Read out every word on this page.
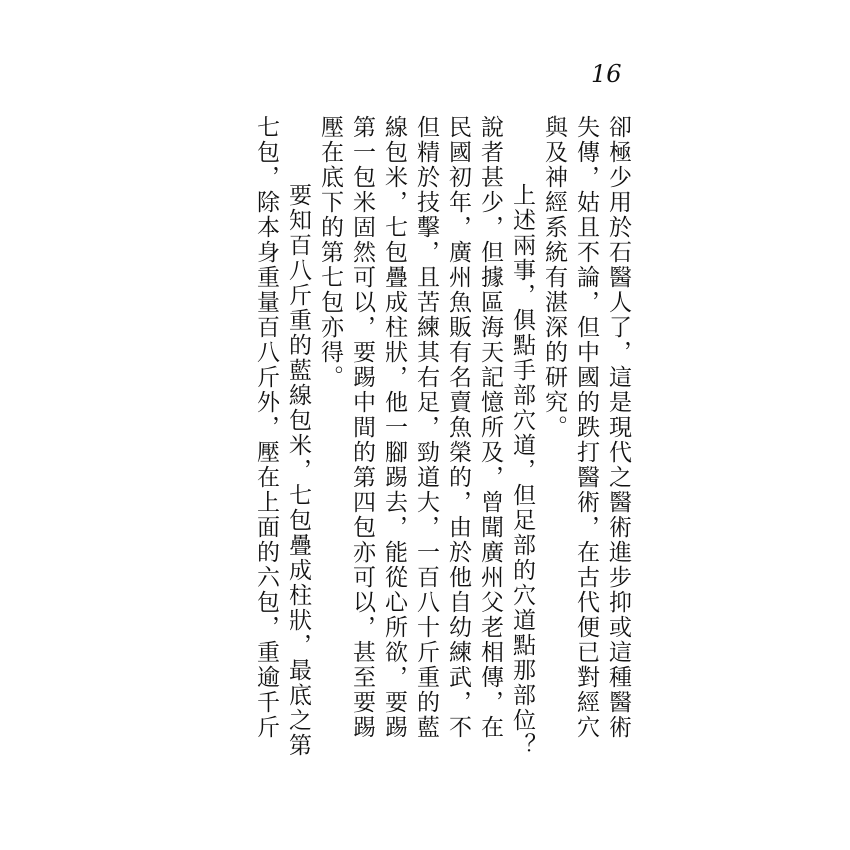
16
卻極少用於石醫人了，這是現代之醫術進步抑或這種醫術
失傳，姑且不論，但中國的跌打醫術，在古代便已對經穴
與及神經系統有湛深的研究。
上述兩事，俱點手部穴道，但足部的穴道點那部位？
說者甚少，但據區海天記憶所及，曾聞廣州父老相傳，在
民國初年，廣州魚販有名賣魚榮的，由於他自幼練武，不
但精於技擊，且苦練其右足，勁道大，一百八十斤重的藍
線包米，七包疊成柱狀，他一腳踢去，能從心所欲，要踢
第一包米固然可以，要踢中間的第四包亦可以，甚至要踢
壓在底下的第七包亦得。
要知百八斤重的藍線包米，七包疊成柱狀，最底之第
七包，除本身重量百八斤外，壓在上面的六包，重逾千斤
